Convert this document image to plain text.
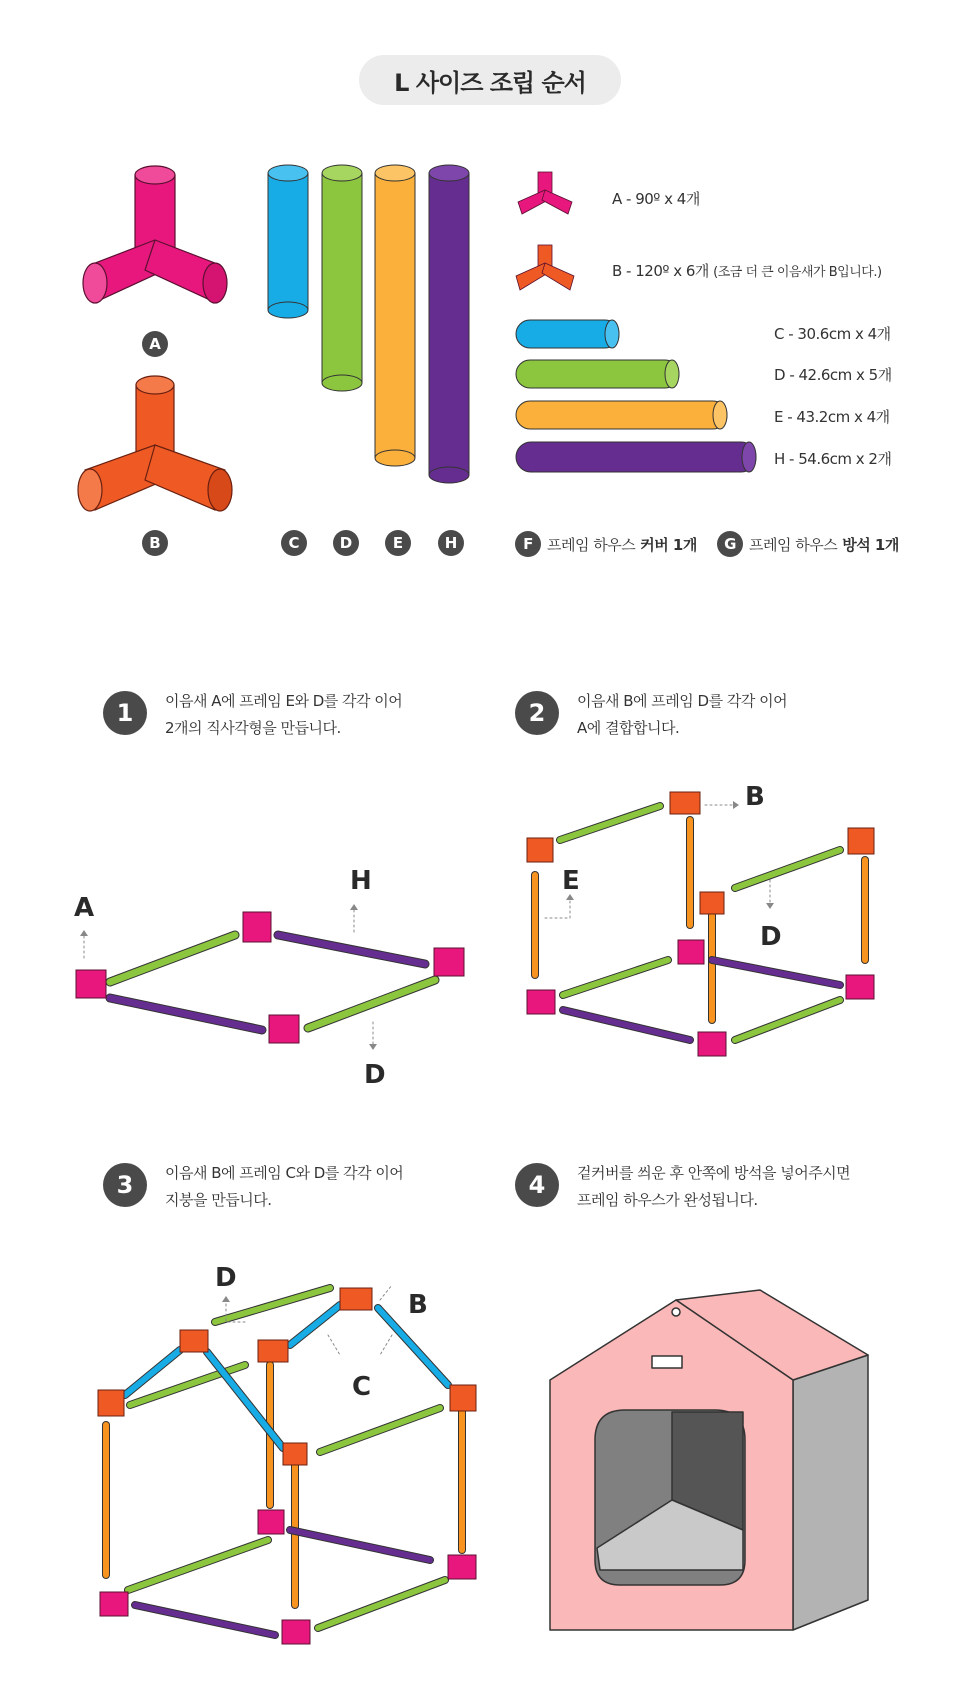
L 사이즈 조립 순서
A
B	C	D	E	H
A - 90º x 4개
B - 120º x 6개 (조금 더 큰 이음새가 B입니다.)
C - 30.6cm x 4개
D - 42.6cm x 5개
E - 43.2cm x 4개
H - 54.6cm x 2개
F 프레임 하우스 커버 1개	G 프레임 하우스 방석 1개
1	이음새 A에 프레임 E와 D를 각각 이어
2개의 직사각형을 만듭니다.
2	이음새 B에 프레임 D를 각각 이어
A에 결합합니다.
3	이음새 B에 프레임 C와 D를 각각 이어
지붕을 만듭니다.
4	겉커버를 씌운 후 안쪽에 방석을 넣어주시면
프레임 하우스가 완성됩니다.
A
H
D
B
E
D
D
B
C
